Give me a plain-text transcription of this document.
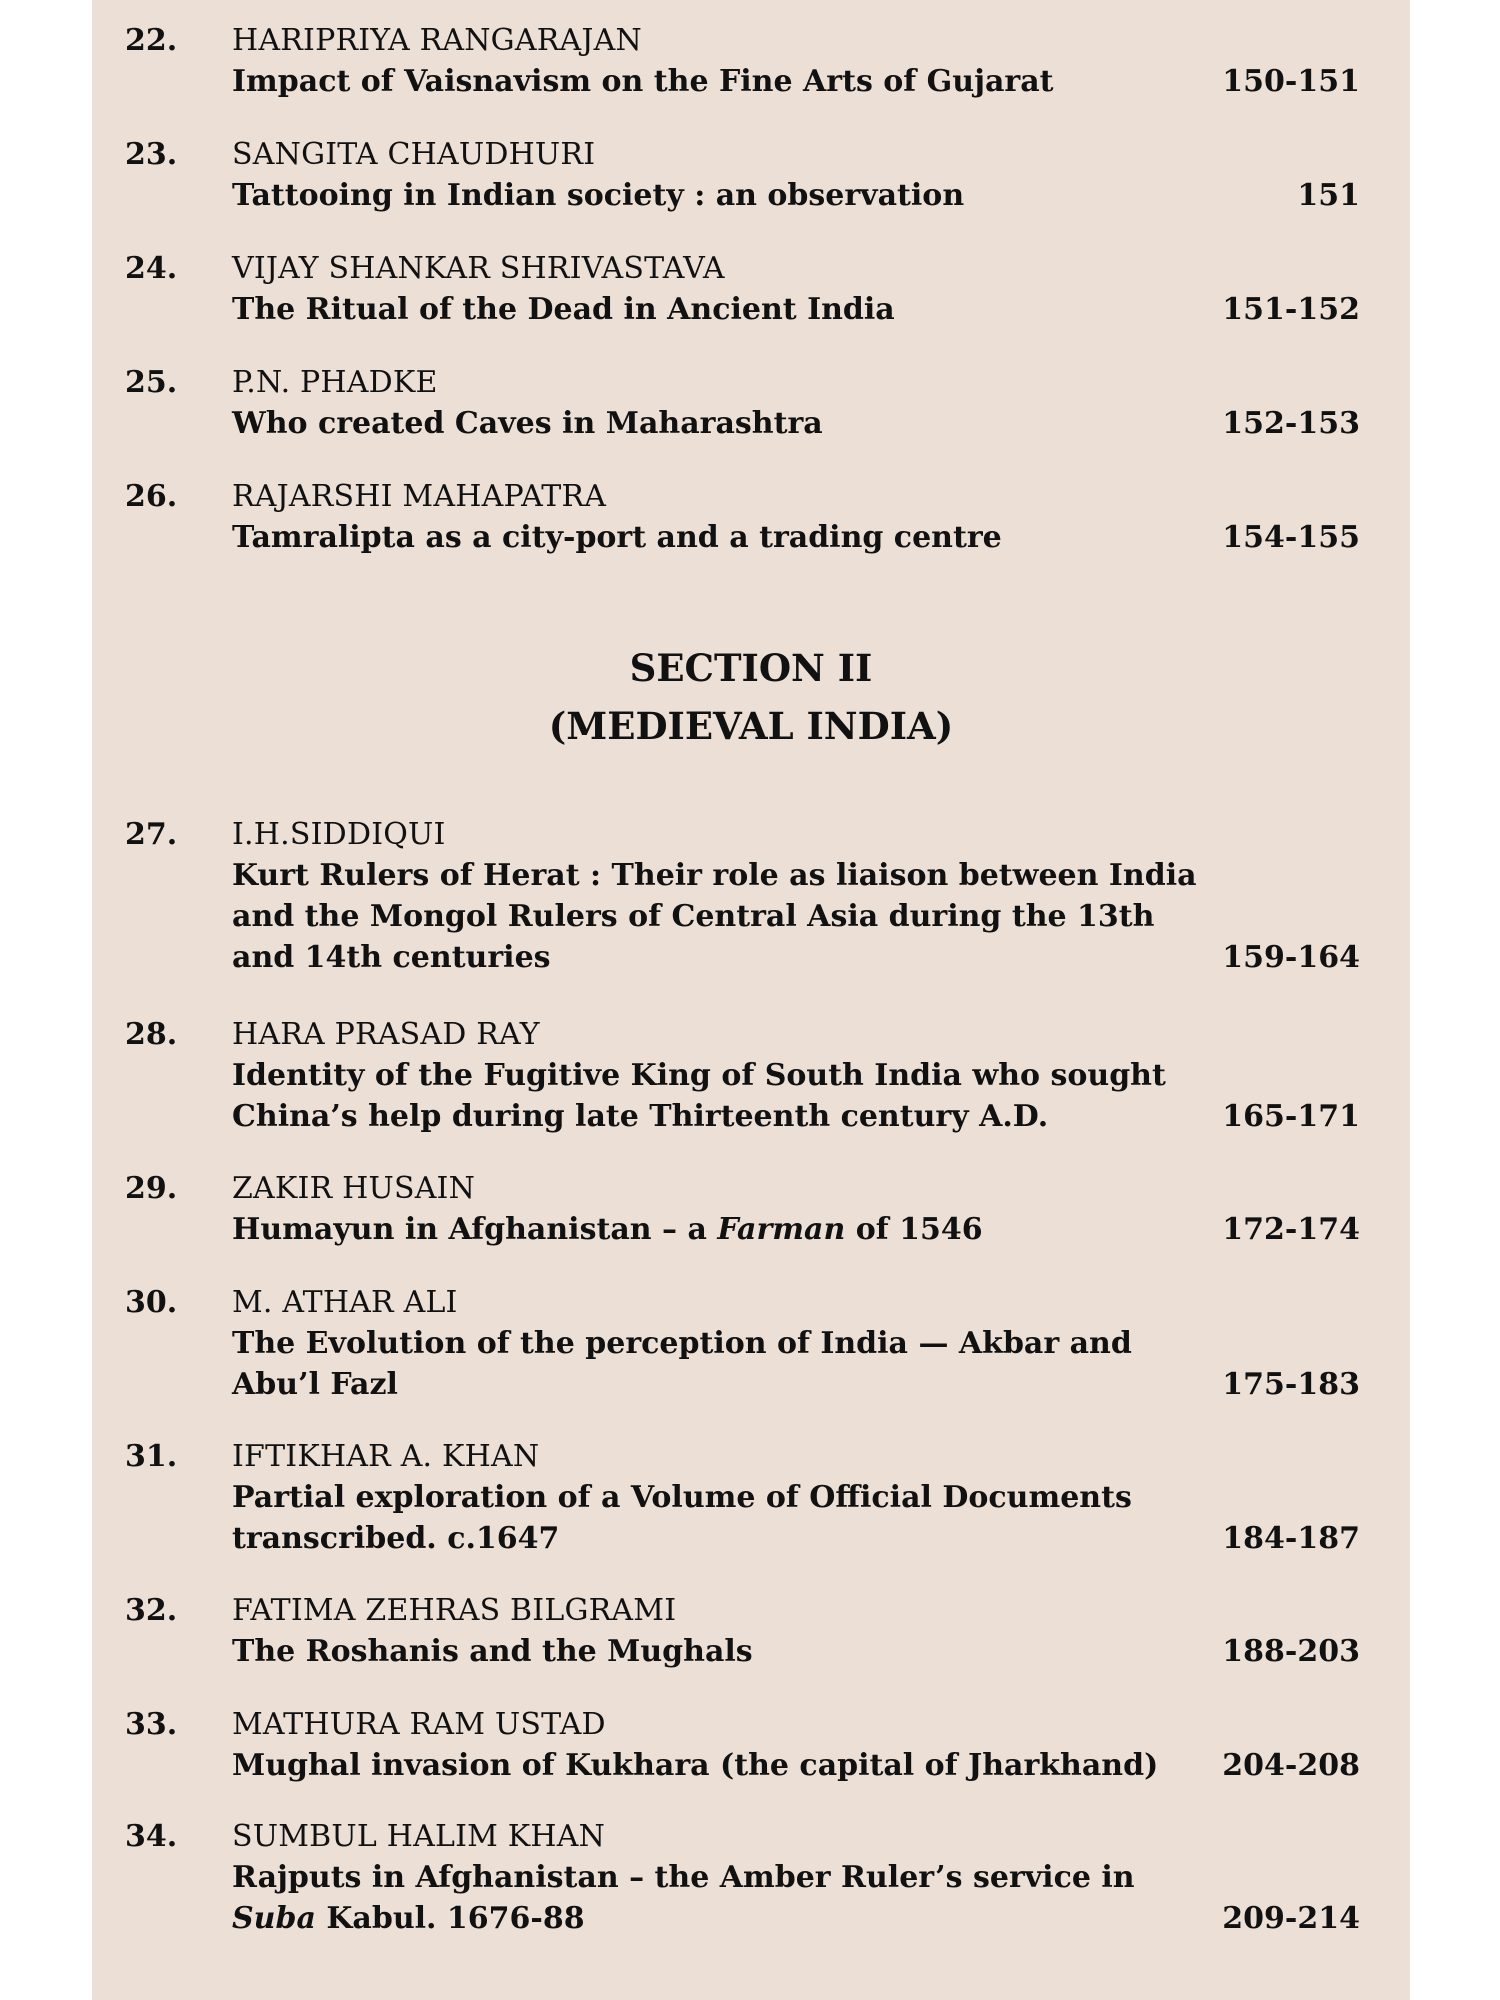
22. HARIPRIYA RANGARAJAN
Impact of Vaisnavism on the Fine Arts of Gujarat	150-151
23. SANGITA CHAUDHURI
Tattooing in Indian society : an observation	151
24. VIJAY SHANKAR SHRIVASTAVA
The Ritual of the Dead in Ancient India	151-152
25. P.N. PHADKE
Who created Caves in Maharashtra	152-153
26. RAJARSHI MAHAPATRA
Tamralipta as a city-port and a trading centre	154-155
SECTION II
(MEDIEVAL INDIA)
27. I.H.SIDDIQUI
Kurt Rulers of Herat : Their role as liaison between India
and the Mongol Rulers of Central Asia during the 13th
and 14th centuries	159-164
28. HARA PRASAD RAY
Identity of the Fugitive King of South India who sought
China’s help during late Thirteenth century A.D.	165-171
29. ZAKIR HUSAIN
Humayun in Afghanistan – a Farman of 1546	172-174
30. M. ATHAR ALI
The Evolution of the perception of India — Akbar and
Abu’l Fazl	175-183
31. IFTIKHAR A. KHAN
Partial exploration of a Volume of Official Documents
transcribed. c.1647	184-187
32. FATIMA ZEHRAS BILGRAMI
The Roshanis and the Mughals	188-203
33. MATHURA RAM USTAD
Mughal invasion of Kukhara (the capital of Jharkhand) 204-208
34. SUMBUL HALIM KHAN
Rajputs in Afghanistan – the Amber Ruler’s service in
Suba Kabul. 1676-88	209-214
